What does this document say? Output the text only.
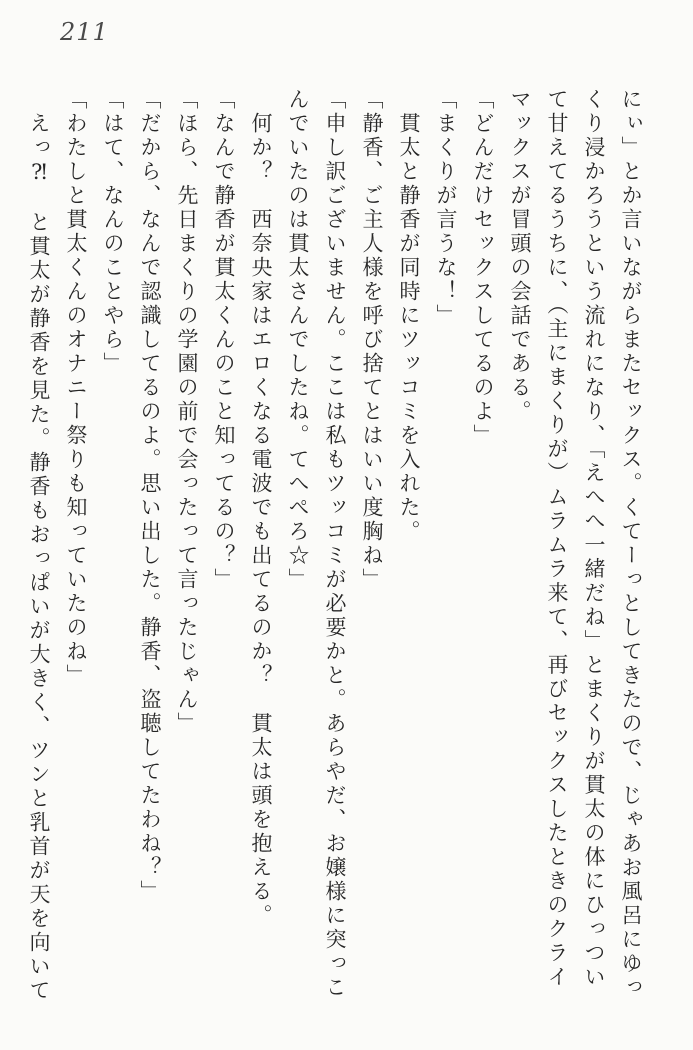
211
にぃ」とか言いながらまたセックス。くてーっとしてきたので、じゃあお風呂にゆっ
くり浸かろうという流れになり、「えへへ一緒だね」とまくりが貫太の体にひっつい
て甘えてるうちに、（主にまくりが）ムラムラ来て、再びセックスしたときのクライ
マックスが冒頭の会話である。
「どんだけセックスしてるのよ」
「まくりが言うな！」
貫太と静香が同時にツッコミを入れた。
「静香、ご主人様を呼び捨てとはいい度胸ね」
「申し訳ございません。ここは私もツッコミが必要かと。あらやだ、お嬢様に突っこ
んでいたのは貫太さんでしたね。てへぺろ☆」
何か？　西奈央家はエロくなる電波でも出てるのか？　貫太は頭を抱える。
「なんで静香が貫太くんのこと知ってるの？」
「ほら、先日まくりの学園の前で会ったって言ったじゃん」
「だから、なんで認識してるのよ。思い出した。静香、盗聴してたわね？」
「はて、なんのことやら」
「わたしと貫太くんのオナニー祭りも知っていたのね」
えっ⁈　と貫太が静香を見た。静香もおっぱいが大きく、ツンと乳首が天を向いて
